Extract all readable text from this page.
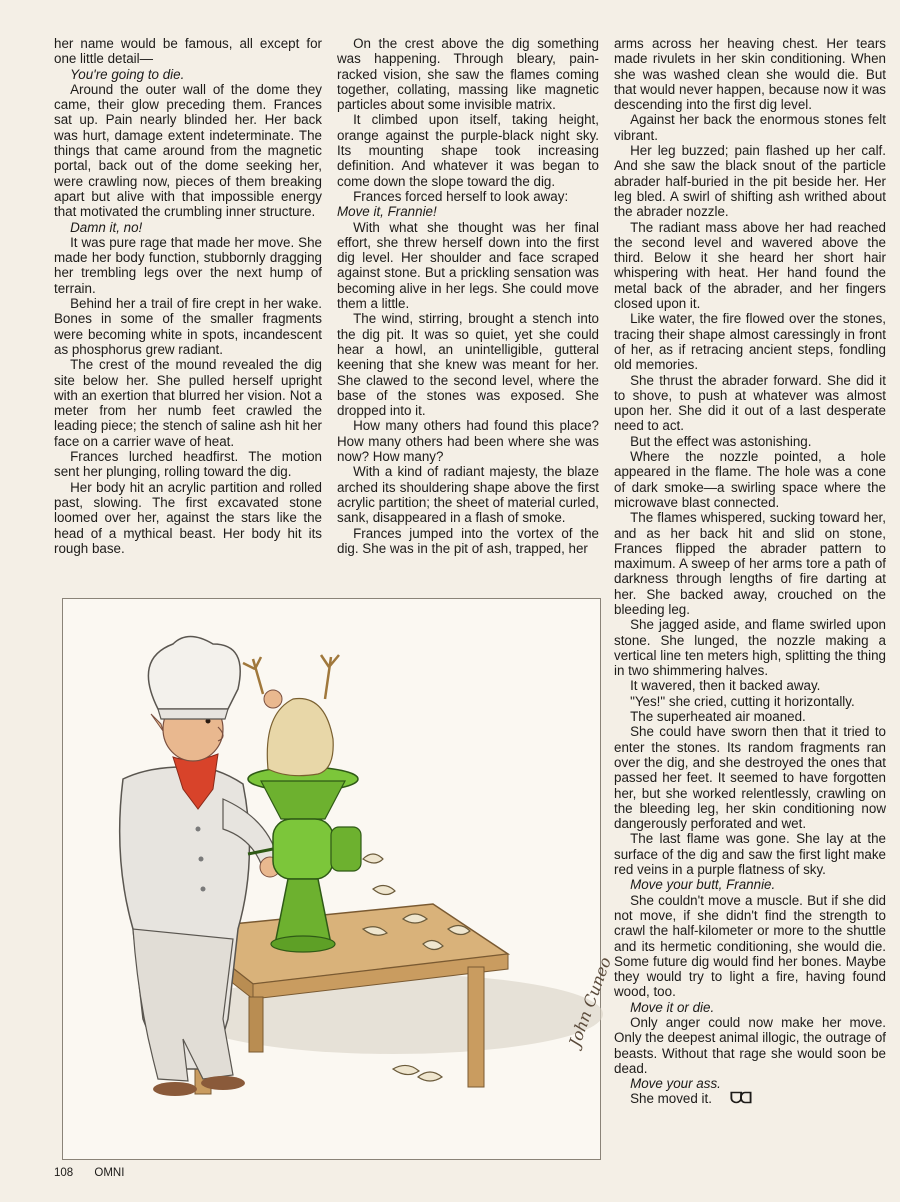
her name would be famous, all except for one little detail—

You're going to die.

Around the outer wall of the dome they came, their glow preceding them. Frances sat up. Pain nearly blinded her. Her back was hurt, damage extent indeterminate. The things that came around from the magnetic portal, back out of the dome seeking her, were crawling now, pieces of them breaking apart but alive with that impossible energy that motivated the crumbling inner structure.

Damn it, no!

It was pure rage that made her move. She made her body function, stubbornly dragging her trembling legs over the next hump of terrain.

Behind her a trail of fire crept in her wake. Bones in some of the smaller fragments were becoming white in spots, incandescent as phosphorus grew radiant.

The crest of the mound revealed the dig site below her. She pulled herself upright with an exertion that blurred her vision. Not a meter from her numb feet crawled the leading piece; the stench of saline ash hit her face on a carrier wave of heat.

Frances lurched headfirst. The motion sent her plunging, rolling toward the dig.

Her body hit an acrylic partition and rolled past, slowing. The first excavated stone loomed over her, against the stars like the head of a mythical beast. Her body hit its rough base.

On the crest above the dig something was happening. Through bleary, pain-racked vision, she saw the flames coming together, collating, massing like magnetic particles about some invisible matrix.

It climbed upon itself, taking height, orange against the purple-black night sky. Its mounting shape took increasing definition. And whatever it was began to come down the slope toward the dig.

Frances forced herself to look away:

Move it, Frannie!

With what she thought was her final effort, she threw herself down into the first dig level. Her shoulder and face scraped against stone. But a prickling sensation was becoming alive in her legs. She could move them a little.

The wind, stirring, brought a stench into the dig pit. It was so quiet, yet she could hear a howl, an unintelligible, gutteral keening that she knew was meant for her. She clawed to the second level, where the base of the stones was exposed. She dropped into it.

How many others had found this place? How many others had been where she was now? How many?

With a kind of radiant majesty, the blaze arched its shouldering shape above the first acrylic partition; the sheet of material curled, sank, disappeared in a flash of smoke.

Frances jumped into the vortex of the dig. She was in the pit of ash, trapped, her

arms across her heaving chest. Her tears made rivulets in her skin conditioning. When she was washed clean she would die. But that would never happen, because now it was descending into the first dig level.

Against her back the enormous stones felt vibrant.

Her leg buzzed; pain flashed up her calf. And she saw the black snout of the particle abrader half-buried in the pit beside her. Her leg bled. A swirl of shifting ash writhed about the abrader nozzle.

The radiant mass above her had reached the second level and wavered above the third. Below it she heard her short hair whispering with heat. Her hand found the metal back of the abrader, and her fingers closed upon it.

Like water, the fire flowed over the stones, tracing their shape almost caressingly in front of her, as if retracing ancient steps, fondling old memories.

She thrust the abrader forward. She did it to shove, to push at whatever was almost upon her. She did it out of a last desperate need to act.

But the effect was astonishing.

Where the nozzle pointed, a hole appeared in the flame. The hole was a cone of dark smoke—a swirling space where the microwave blast connected.

The flames whispered, sucking toward her, and as her back hit and slid on stone, Frances flipped the abrader pattern to maximum. A sweep of her arms tore a path of darkness through lengths of fire darting at her. She backed away, crouched on the bleeding leg.

She jagged aside, and flame swirled upon stone. She lunged, the nozzle making a vertical line ten meters high, splitting the thing in two shimmering halves.

It wavered, then it backed away.

"Yes!" she cried, cutting it horizontally.

The superheated air moaned.

She could have sworn then that it tried to enter the stones. Its random fragments ran over the dig, and she destroyed the ones that passed her feet. It seemed to have forgotten her, but she worked relentlessly, crawling on the bleeding leg, her skin conditioning now dangerously perforated and wet.

The last flame was gone. She lay at the surface of the dig and saw the first light make red veins in a purple flatness of sky.

Move your butt, Frannie.

She couldn't move a muscle. But if she did not move, if she didn't find the strength to crawl the half-kilometer or more to the shuttle and its hermetic conditioning, she would die. Some future dig would find her bones. Maybe they would try to light a fire, having found wood, too.

Move it or die.

Only anger could now make her move. Only the deepest animal illogic, the outrage of beasts. Without that rage she would soon be dead.

Move your ass.

She moved it. ᗜᗡ

John Cuneo
108 OMNI
